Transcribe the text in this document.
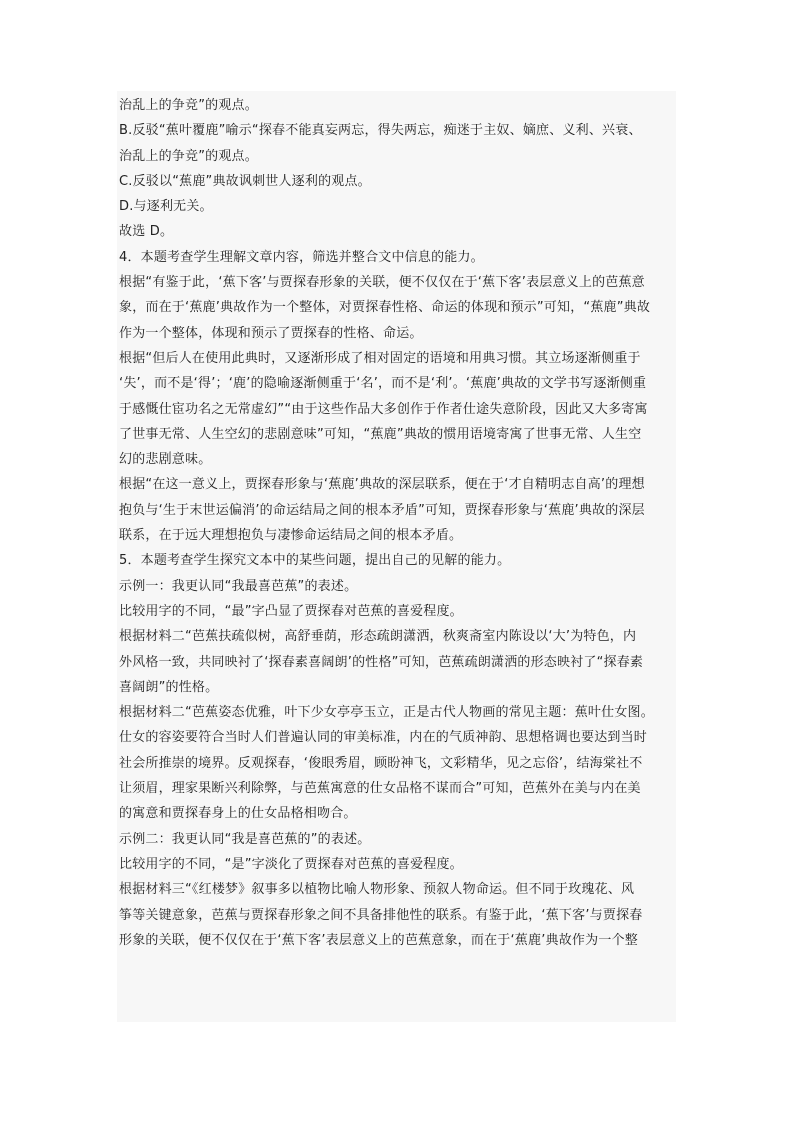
治乱上的争竞”的观点。
B.反驳“蕉叶覆鹿”喻示“探春不能真妄两忘，得失两忘，痴迷于主奴、嫡庶、义利、兴衰、
治乱上的争竞”的观点。
C.反驳以“蕉鹿”典故讽刺世人逐利的观点。
D.与逐利无关。
故选 D。
4．本题考查学生理解文章内容，筛选并整合文中信息的能力。
根据“有鉴于此，‘蕉下客’与贾探春形象的关联，便不仅仅在于‘蕉下客’表层意义上的芭蕉意
象，而在于‘蕉鹿’典故作为一个整体，对贾探春性格、命运的体现和预示”可知，“蕉鹿”典故
作为一个整体，体现和预示了贾探春的性格、命运。
根据“但后人在使用此典时，又逐渐形成了相对固定的语境和用典习惯。其立场逐渐侧重于
‘失’，而不是‘得’；‘鹿’的隐喻逐渐侧重于‘名’，而不是‘利’。‘蕉鹿’典故的文学书写逐渐侧重
于感慨仕宦功名之无常虚幻”“由于这些作品大多创作于作者仕途失意阶段，因此又大多寄寓
了世事无常、人生空幻的悲剧意味”可知，“蕉鹿”典故的惯用语境寄寓了世事无常、人生空
幻的悲剧意味。
根据“在这一意义上，贾探春形象与‘蕉鹿’典故的深层联系，便在于‘才自精明志自高’的理想
抱负与‘生于末世运偏消’的命运结局之间的根本矛盾”可知，贾探春形象与‘蕉鹿’典故的深层
联系，在于远大理想抱负与凄惨命运结局之间的根本矛盾。
5．本题考查学生探究文本中的某些问题，提出自己的见解的能力。
示例一：我更认同“我最喜芭蕉”的表述。
比较用字的不同，“最”字凸显了贾探春对芭蕉的喜爱程度。
根据材料二“芭蕉扶疏似树，高舒垂荫，形态疏朗潇洒，秋爽斋室内陈设以‘大’为特色，内
外风格一致，共同映衬了‘探春素喜阔朗’的性格”可知，芭蕉疏朗潇洒的形态映衬了“探春素
喜阔朗”的性格。
根据材料二“芭蕉姿态优雅，叶下少女亭亭玉立，正是古代人物画的常见主题：蕉叶仕女图。
仕女的容姿要符合当时人们普遍认同的审美标准，内在的气质神韵、思想格调也要达到当时
社会所推崇的境界。反观探春，‘俊眼秀眉，顾盼神飞，文彩精华，见之忘俗’，结海棠社不
让须眉，理家果断兴利除弊，与芭蕉寓意的仕女品格不谋而合”可知，芭蕉外在美与内在美
的寓意和贾探春身上的仕女品格相吻合。
示例二：我更认同“我是喜芭蕉的”的表述。
比较用字的不同，“是”字淡化了贾探春对芭蕉的喜爱程度。
根据材料三“《红楼梦》叙事多以植物比喻人物形象、预叙人物命运。但不同于玫瑰花、风
筝等关键意象，芭蕉与贾探春形象之间不具备排他性的联系。有鉴于此，‘蕉下客’与贾探春
形象的关联，便不仅仅在于‘蕉下客’表层意义上的芭蕉意象，而在于‘蕉鹿’典故作为一个整
